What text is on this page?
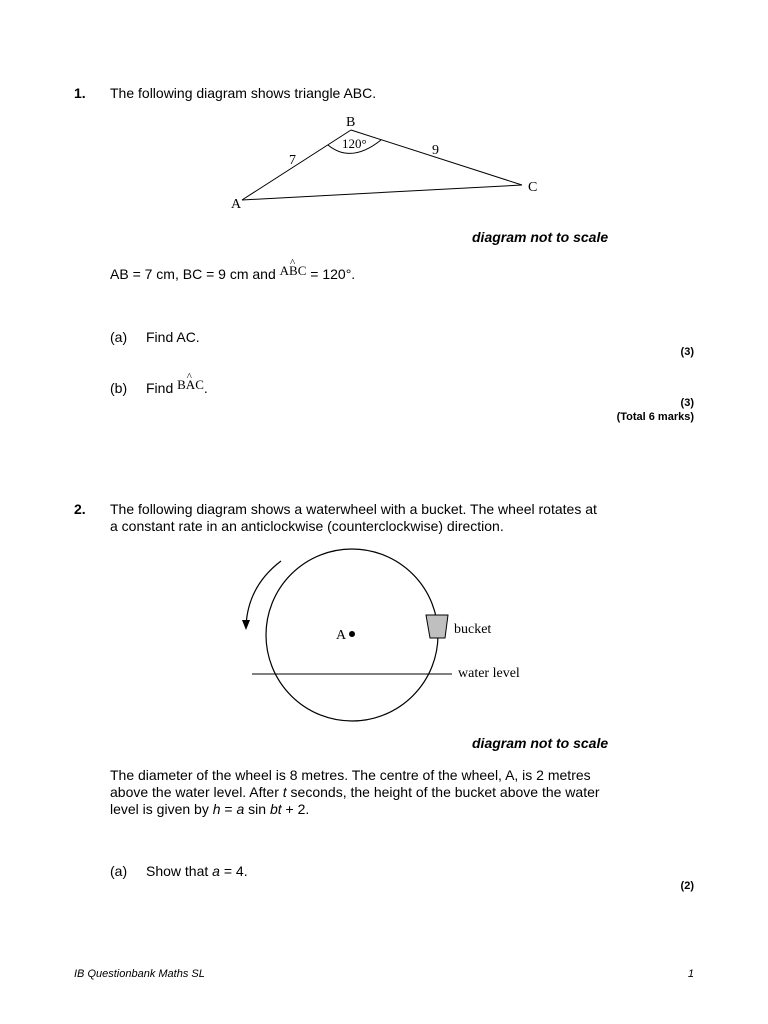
1. The following diagram shows triangle ABC.
B
A
C
7
9
120°
diagram not to scale
AB = 7 cm, BC = 9 cm and A^ BC = 120°.
(a) Find AC.
(3)
(b) Find B^ AC.
(3)
(Total 6 marks)
2. The following diagram shows a waterwheel with a bucket. The wheel rotates at
a constant rate in an anticlockwise (counterclockwise) direction.
A	bucket
water level
diagram not to scale
The diameter of the wheel is 8 metres. The centre of the wheel, A, is 2 metres
above the water level. After t seconds, the height of the bucket above the water
level is given by h = a sin bt + 2.
(a) Show that a = 4.
(2)
IB Questionbank Maths SL	1
